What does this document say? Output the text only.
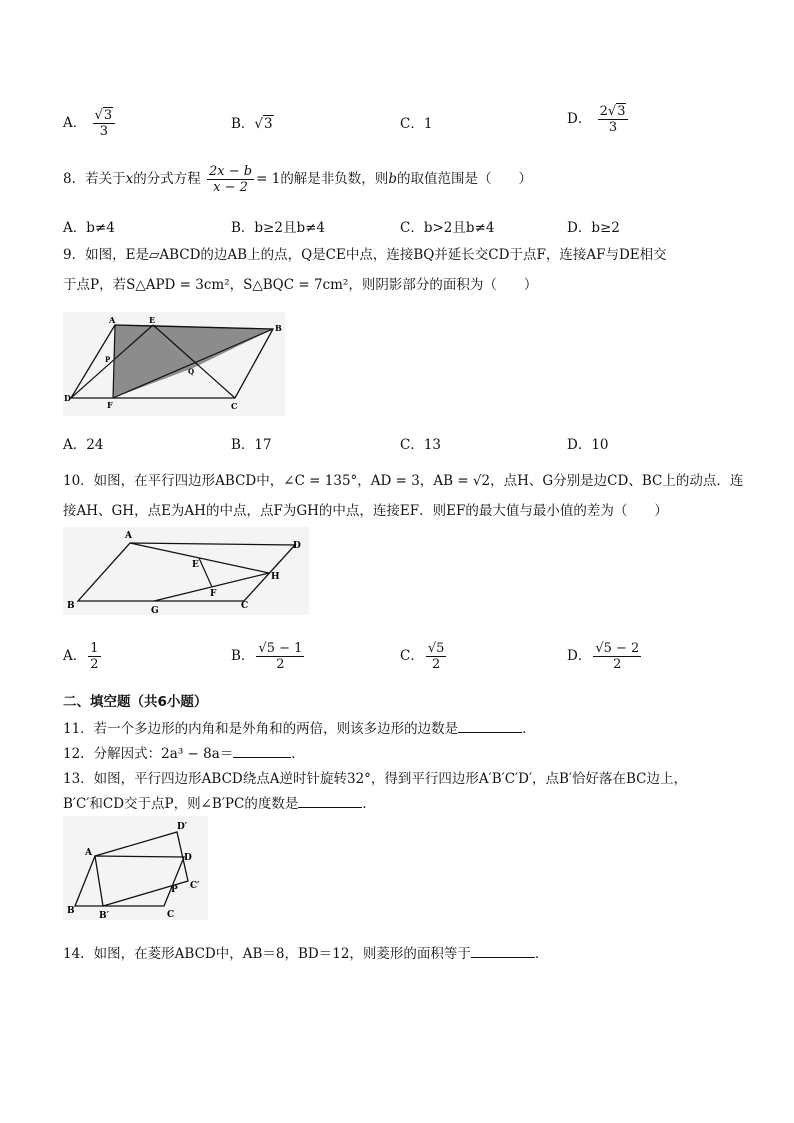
A． $\frac{√3}{3}$	B．√3	C．1	D． $\frac{2√3}{3}$
8．若关于x的分式方程 $\frac{2x - b}{x - 2} = 1$的解是非负数，则b的取值范围是（　　）
A．b≠4	B．b≥2且b≠4	C．b>2且b≠4	D．b≥2
9．如图，E是▱ABCD的边AB上的点，Q是CE中点，连接BQ并延长交CD于点F，连接AF与DE相交
于点P，若S△APD = 3cm²，S△BQC = 7cm²，则阴影部分的面积为（　　）
A	E
B
P
Q
D
F	C
A．24	B．17	C．13	D．10
10．如图，在平行四边形ABCD中，∠C = 135°，AD = 3，AB = √2，点H、G分别是边CD、BC上的动点．连
接AH、GH，点E为AH的中点，点F为GH的中点，连接EF．则EF的最大值与最小值的差为（　　）
A
D
E
H
F
B	G	C
A． $\frac{1}{2}$	B． $\frac{√5 - 1}{2}$	C． $\frac{√5}{2}$	D． $\frac{√5 - 2}{2}$
二、填空题（共6小题）
11．若一个多边形的内角和是外角和的两倍，则该多边形的边数是	．
12．分解因式：2a³ − 8a＝	．
13．如图，平行四边形ABCD绕点A逆时针旋转32°，得到平行四边形A′B′C′D′，点B′恰好落在BC边上，
B′C′和CD交于点P，则∠B′PC的度数是	．
D′
A	D
P C′
B	B′	C
14．如图，在菱形ABCD中，AB＝8，BD＝12，则菱形的面积等于	．
